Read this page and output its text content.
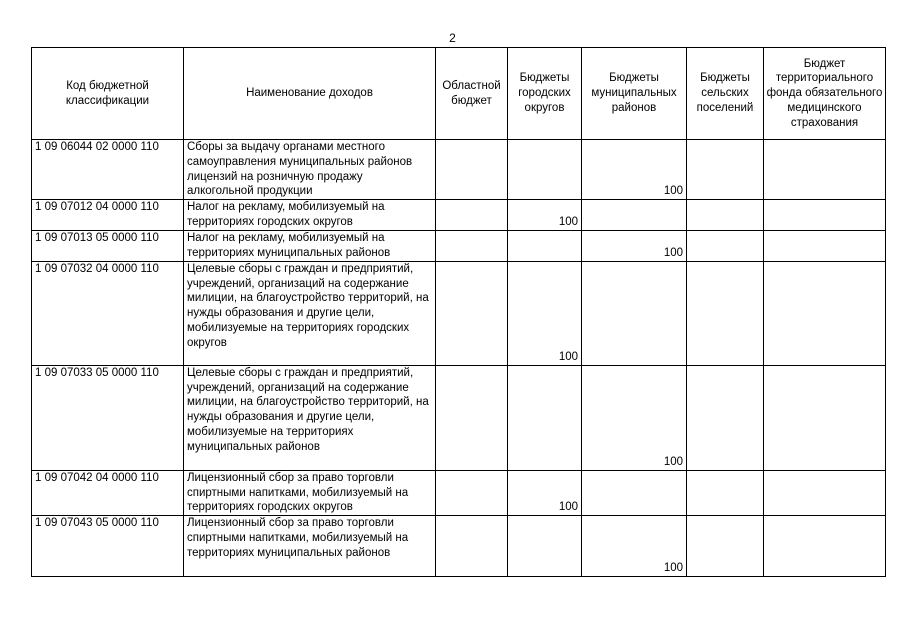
2
Код бюджетной классификации	Наименование доходов	Областной бюджет	Бюджеты городских округов	Бюджеты муниципальных районов	Бюджеты сельских поселений	Бюджет территориального фонда обязательного медицинского страхования
1 09 06044 02 0000 110	Сборы за выдачу органами местного самоуправления муниципальных районов лицензий на розничную продажу алкогольной продукции			100		
1 09 07012 04 0000 110	Налог на рекламу, мобилизуемый на территориях городских округов		100			
1 09 07013 05 0000 110	Налог на рекламу, мобилизуемый на территориях муниципальных районов			100		
1 09 07032 04 0000 110	Целевые сборы с граждан и предприятий, учреждений, организаций на содержание милиции, на благоустройство территорий, на нужды образования и другие цели, мобилизуемые на территориях городских округов		100			
1 09 07033 05 0000 110	Целевые сборы с граждан и предприятий, учреждений, организаций на содержание милиции, на благоустройство территорий, на нужды образования и другие цели, мобилизуемые на территориях муниципальных районов			100		
1 09 07042 04 0000 110	Лицензионный сбор за право торговли спиртными напитками, мобилизуемый на территориях городских округов		100			
1 09 07043 05 0000 110	Лицензионный сбор за право торговли спиртными напитками, мобилизуемый на территориях муниципальных районов			100		
